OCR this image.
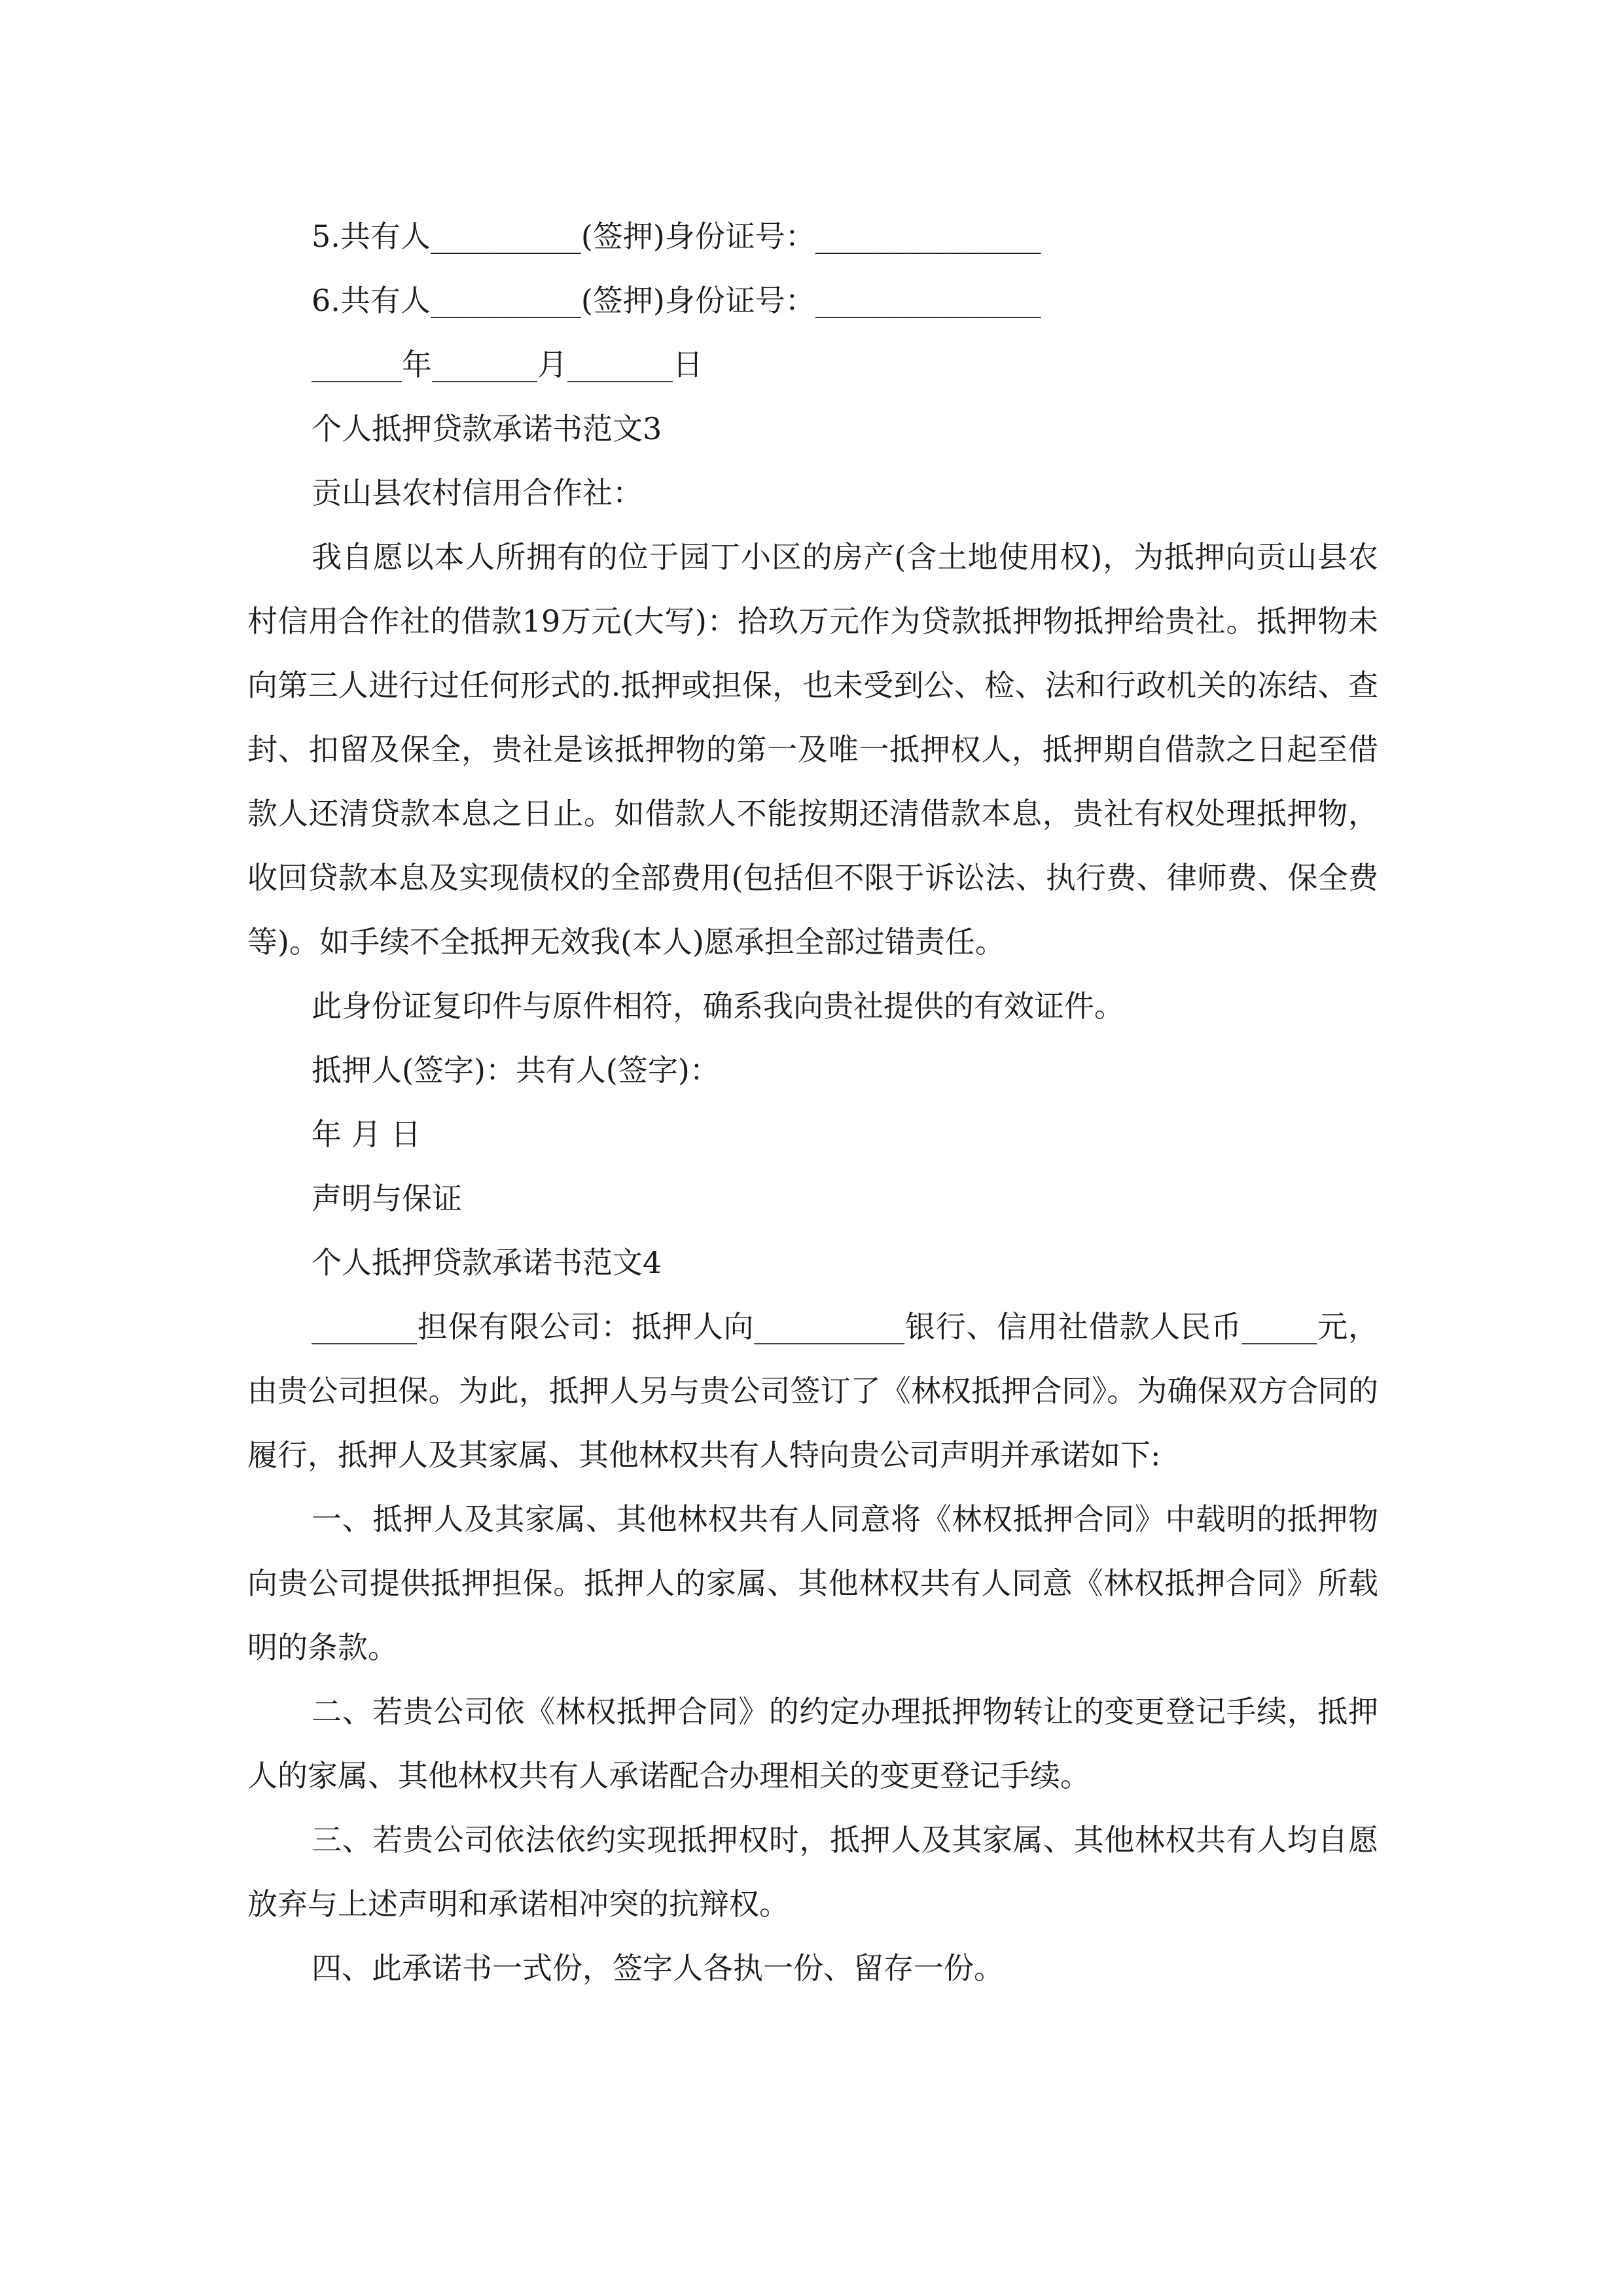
5.共有人__________(签押)身份证号：_______________
6.共有人__________(签押)身份证号：_______________
______年_______月_______日
个人抵押贷款承诺书范文3
贡山县农村信用合作社：
我自愿以本人所拥有的位于园丁小区的房产(含土地使用权)，为抵押向贡山县农村信用合作社的借款19万元(大写)：拾玖万元作为贷款抵押物抵押给贵社。抵押物未向第三人进行过任何形式的.抵押或担保，也未受到公、检、法和行政机关的冻结、查封、扣留及保全，贵社是该抵押物的第一及唯一抵押权人，抵押期自借款之日起至借款人还清贷款本息之日止。如借款人不能按期还清借款本息，贵社有权处理抵押物，收回贷款本息及实现债权的全部费用(包括但不限于诉讼法、执行费、律师费、保全费等)。如手续不全抵押无效我(本人)愿承担全部过错责任。
此身份证复印件与原件相符，确系我向贵社提供的有效证件。
抵押人(签字)：共有人(签字)：
年 月 日
声明与保证
个人抵押贷款承诺书范文4
_______担保有限公司：抵押人向__________银行、信用社借款人民币_____元，由贵公司担保。为此，抵押人另与贵公司签订了《林权抵押合同》。为确保双方合同的履行，抵押人及其家属、其他林权共有人特向贵公司声明并承诺如下:
一、抵押人及其家属、其他林权共有人同意将《林权抵押合同》中载明的抵押物向贵公司提供抵押担保。抵押人的家属、其他林权共有人同意《林权抵押合同》所载明的条款。
二、若贵公司依《林权抵押合同》的约定办理抵押物转让的变更登记手续，抵押人的家属、其他林权共有人承诺配合办理相关的变更登记手续。
三、若贵公司依法依约实现抵押权时，抵押人及其家属、其他林权共有人均自愿放弃与上述声明和承诺相冲突的抗辩权。
四、此承诺书一式份，签字人各执一份、留存一份。
